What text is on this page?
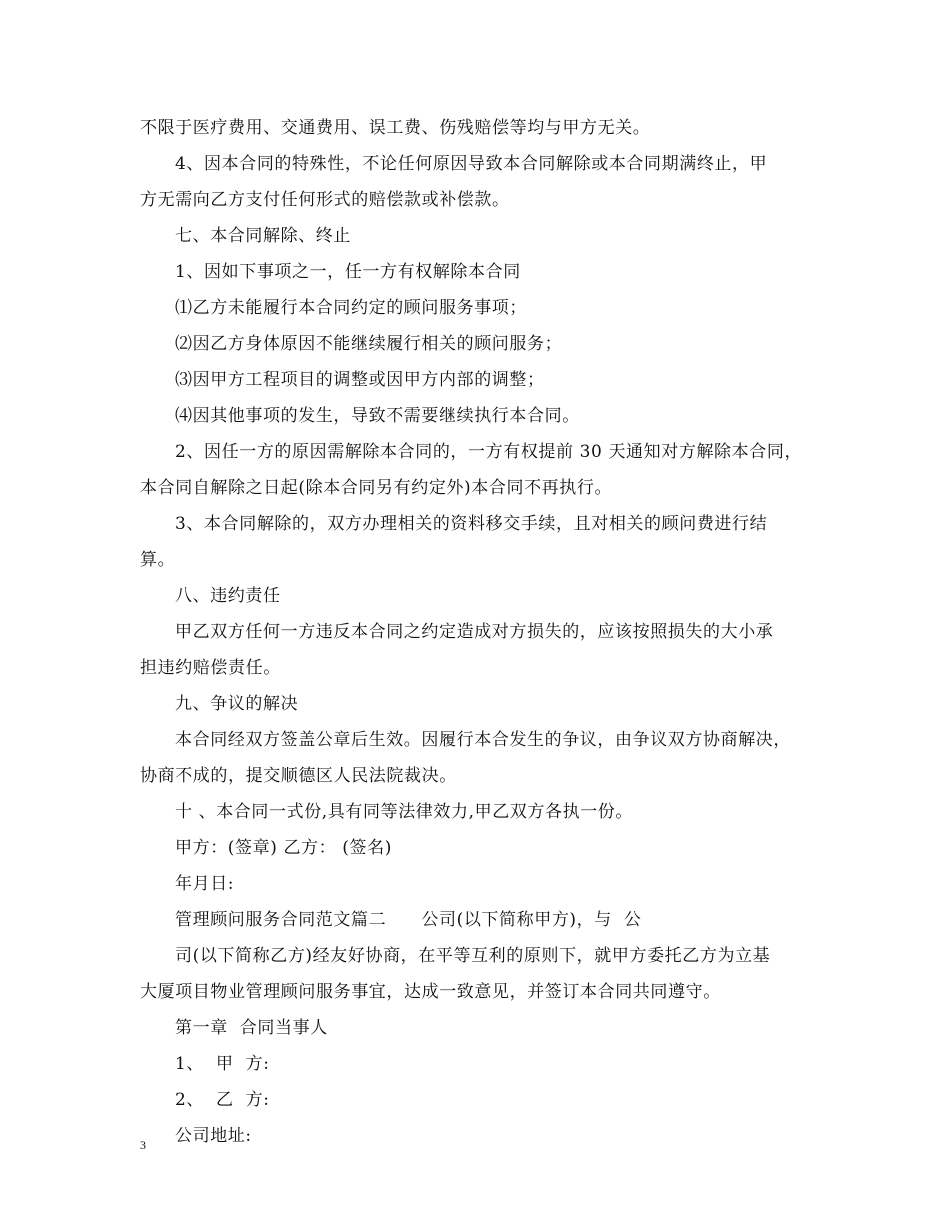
不限于医疗费用、交通费用、误工费、伤残赔偿等均与甲方无关。
4、因本合同的特殊性，不论任何原因导致本合同解除或本合同期满终止，甲
方无需向乙方支付任何形式的赔偿款或补偿款。
七、本合同解除、终止
1、因如下事项之一，任一方有权解除本合同
⑴乙方未能履行本合同约定的顾问服务事项；
⑵因乙方身体原因不能继续履行相关的顾问服务；
⑶因甲方工程项目的调整或因甲方内部的调整；
⑷因其他事项的发生，导致不需要继续执行本合同。
2、因任一方的原因需解除本合同的，一方有权提前 30 天通知对方解除本合同，
本合同自解除之日起(除本合同另有约定外)本合同不再执行。
3、本合同解除的，双方办理相关的资料移交手续，且对相关的顾问费进行结
算。
八、违约责任
甲乙双方任何一方违反本合同之约定造成对方损失的，应该按照损失的大小承
担违约赔偿责任。
九、争议的解决
本合同经双方签盖公章后生效。因履行本合发生的争议，由争议双方协商解决，
协商不成的，提交顺德区人民法院裁决。
十 、本合同一式份,具有同等法律效力,甲乙双方各执一份。
甲方：(签章) 乙方： (签名)
年月日:
管理顾问服务合同范文篇二　　公司(以下简称甲方)，与  公
司(以下简称乙方)经友好协商，在平等互利的原则下，就甲方委托乙方为立基
大厦项目物业管理顾问服务事宜，达成一致意见，并签订本合同共同遵守。
第一章  合同当事人
1、  甲  方:
2、  乙  方:
公司地址:
3
